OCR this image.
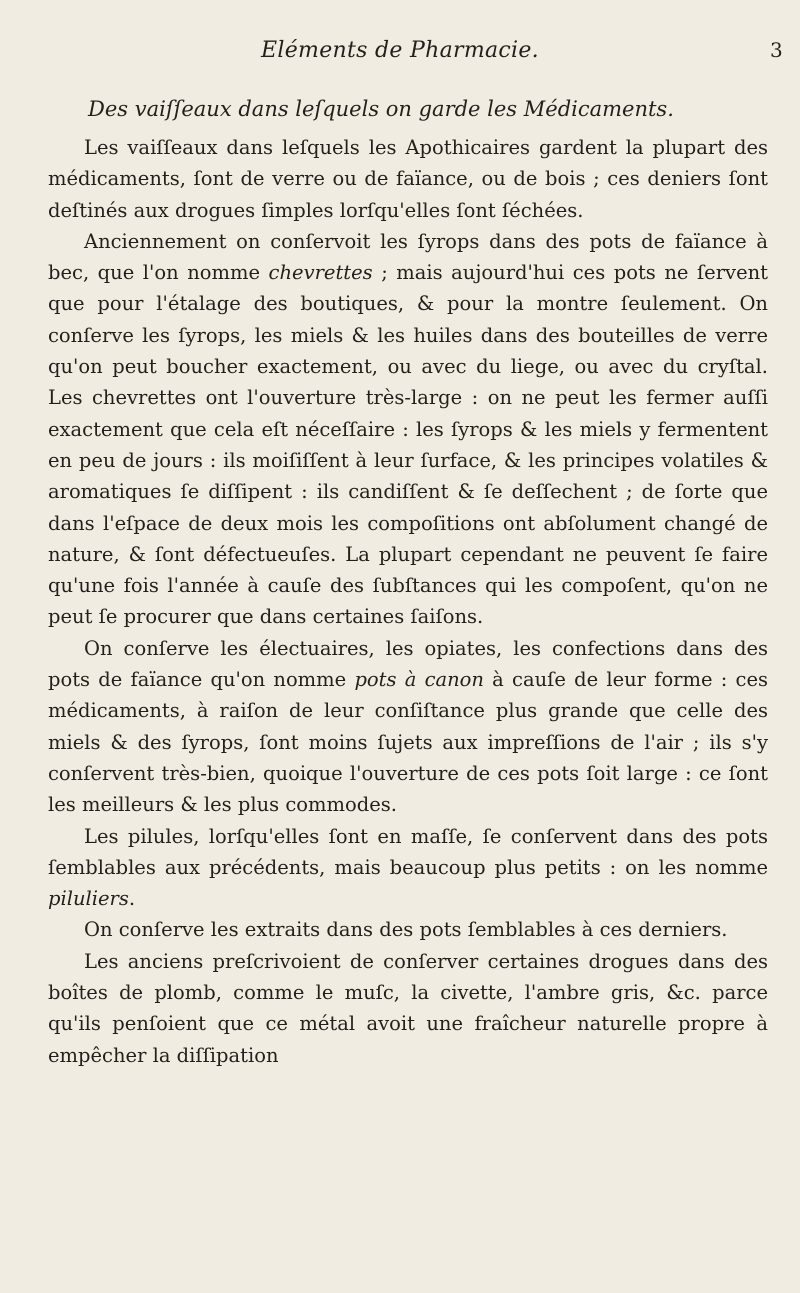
Eléments de Pharmacie.	3
Des vaiſſeaux dans leſquels on garde les Médicaments.

Les vaiſſeaux dans leſquels les Apothicaires gardent la plupart des médicaments, ſont de verre ou de faïance, ou de bois ; ces deniers ſont deſtinés aux drogues ſimples lorſqu'elles ſont ſéchées.

Anciennement on conſervoit les ſyrops dans des pots de faïance à bec, que l'on nomme chevrettes ; mais aujourd'hui ces pots ne ſervent que pour l'étalage des boutiques, & pour la montre ſeulement. On conſerve les ſyrops, les miels & les huiles dans des bouteilles de verre qu'on peut boucher exactement, ou avec du liege, ou avec du cryſtal. Les chevrettes ont l'ouverture très-large : on ne peut les fermer auſſi exactement que cela eſt néceſſaire : les ſyrops & les miels y fermentent en peu de jours : ils moiſiſſent à leur ſurface, & les principes volatiles & aromatiques ſe diſſipent : ils candiſſent & ſe deſſechent ; de ſorte que dans l'eſpace de deux mois les compoſitions ont abſolument changé de nature, & ſont défectueuſes. La plupart cependant ne peuvent ſe faire qu'une fois l'année à cauſe des ſubſtances qui les compoſent, qu'on ne peut ſe procurer que dans certaines ſaiſons.

On conſerve les électuaires, les opiates, les confections dans des pots de faïance qu'on nomme pots à canon à cauſe de leur forme : ces médicaments, à raiſon de leur conſiſtance plus grande que celle des miels & des ſyrops, ſont moins ſujets aux impreſſions de l'air ; ils s'y conſervent très-bien, quoique l'ouverture de ces pots ſoit large : ce ſont les meilleurs & les plus commodes.

Les pilules, lorſqu'elles ſont en maſſe, ſe conſervent dans des pots ſemblables aux précédents, mais beaucoup plus petits : on les nomme piluliers.

On conſerve les extraits dans des pots ſemblables à ces derniers.

Les anciens preſcrivoient de conſerver certaines drogues dans des boîtes de plomb, comme le muſc, la civette, l'ambre gris, &c. parce qu'ils penſoient que ce métal avoit une fraîcheur naturelle propre à empêcher la diſſipation
